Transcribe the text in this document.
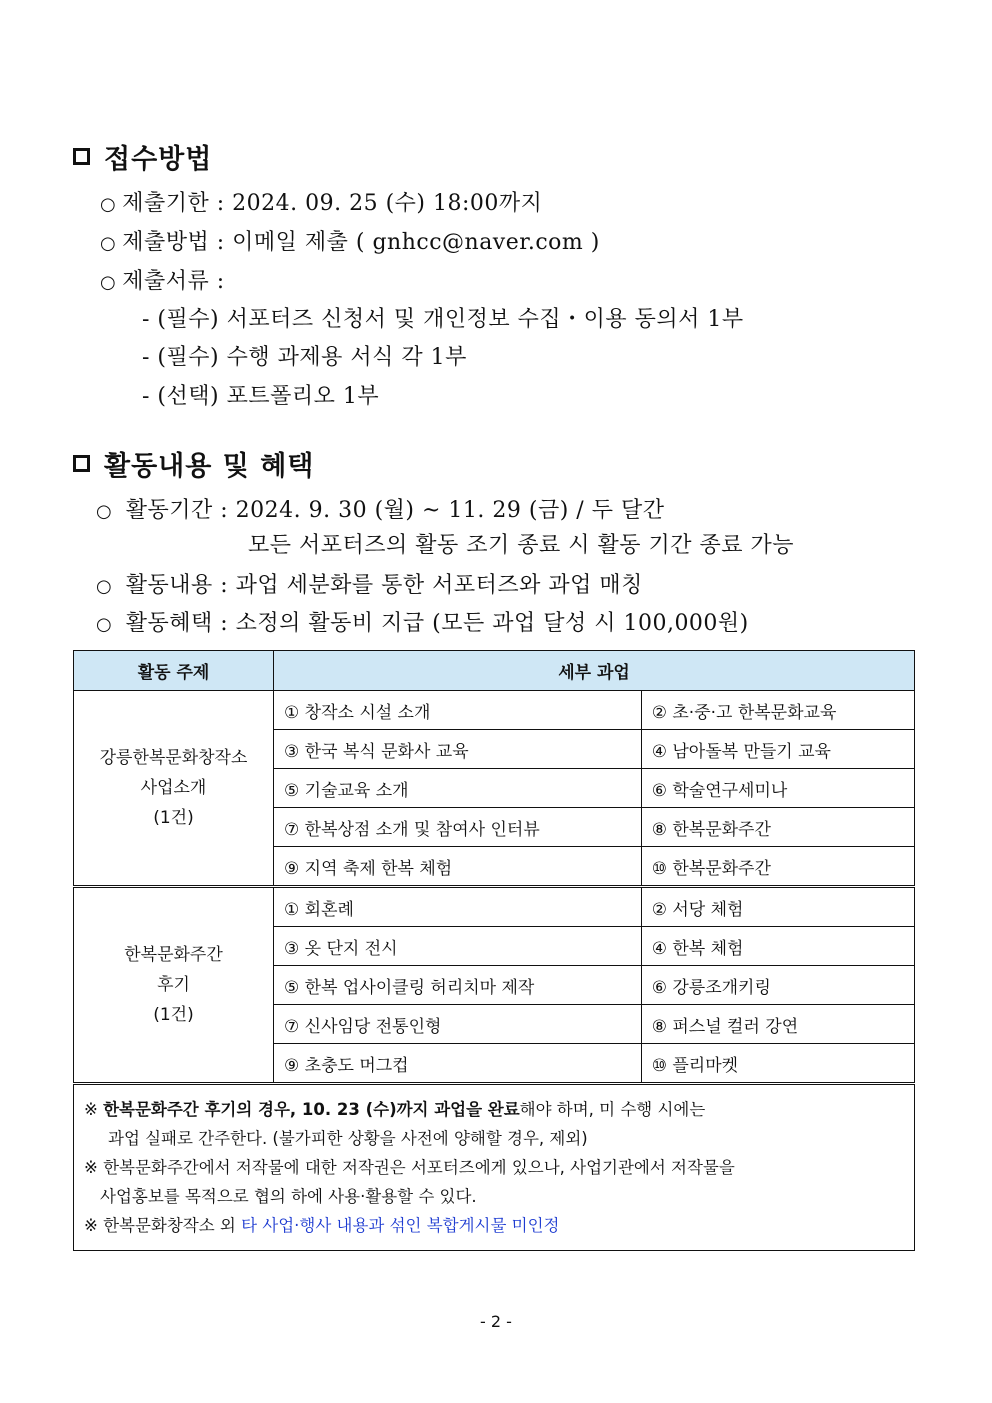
접수방법
○ 제출기한 : 2024. 09. 25 (수) 18:00까지
○ 제출방법 : 이메일 제출 ( gnhcc@naver.com )
○ 제출서류 :
- (필수) 서포터즈 신청서 및 개인정보 수집・이용 동의서 1부
- (필수) 수행 과제용 서식 각 1부
- (선택) 포트폴리오 1부
활동내용 및 혜택
○ 활동기간 : 2024. 9. 30 (월) ~ 11. 29 (금) / 두 달간
모든 서포터즈의 활동 조기 종료 시 활동 기간 종료 가능
○ 활동내용 : 과업 세분화를 통한 서포터즈와 과업 매칭
○ 활동혜택 : 소정의 활동비 지급 (모든 과업 달성 시 100,000원)
활동 주제	세부 과업	

강릉한복문화창작소
사업소개
(1건)	① 창작소 시설 소개	② 초·중·고 한복문화교육
	③ 한국 복식 문화사 교육	④ 남아돌복 만들기 교육
	⑤ 기술교육 소개	⑥ 학술연구세미나
	⑦ 한복상점 소개 및 참여사 인터뷰	⑧ 한복문화주간
	⑨ 지역 축제 한복 체험	⑩ 한복문화주간

한복문화주간
후기
(1건)	① 회혼례	② 서당 체험
	③ 옷 단지 전시	④ 한복 체험
	⑤ 한복 업사이클링 허리치마 제작	⑥ 강릉조개키링
	⑦ 신사임당 전통인형	⑧ 퍼스널 컬러 강연
	⑨ 초충도 머그컵	⑩ 플리마켓

※ 한복문화주간 후기의 경우, 10. 23 (수)까지 과업을 완료해야 하며, 미 수행 시에는
과업 실패로 간주한다. (불가피한 상황을 사전에 양해할 경우, 제외)
※ 한복문화주간에서 저작물에 대한 저작권은 서포터즈에게 있으나, 사업기관에서 저작물을
사업홍보를 목적으로 협의 하에 사용·활용할 수 있다.
※ 한복문화창작소 외 타 사업·행사 내용과 섞인 복합게시물 미인정		
- 2 -
